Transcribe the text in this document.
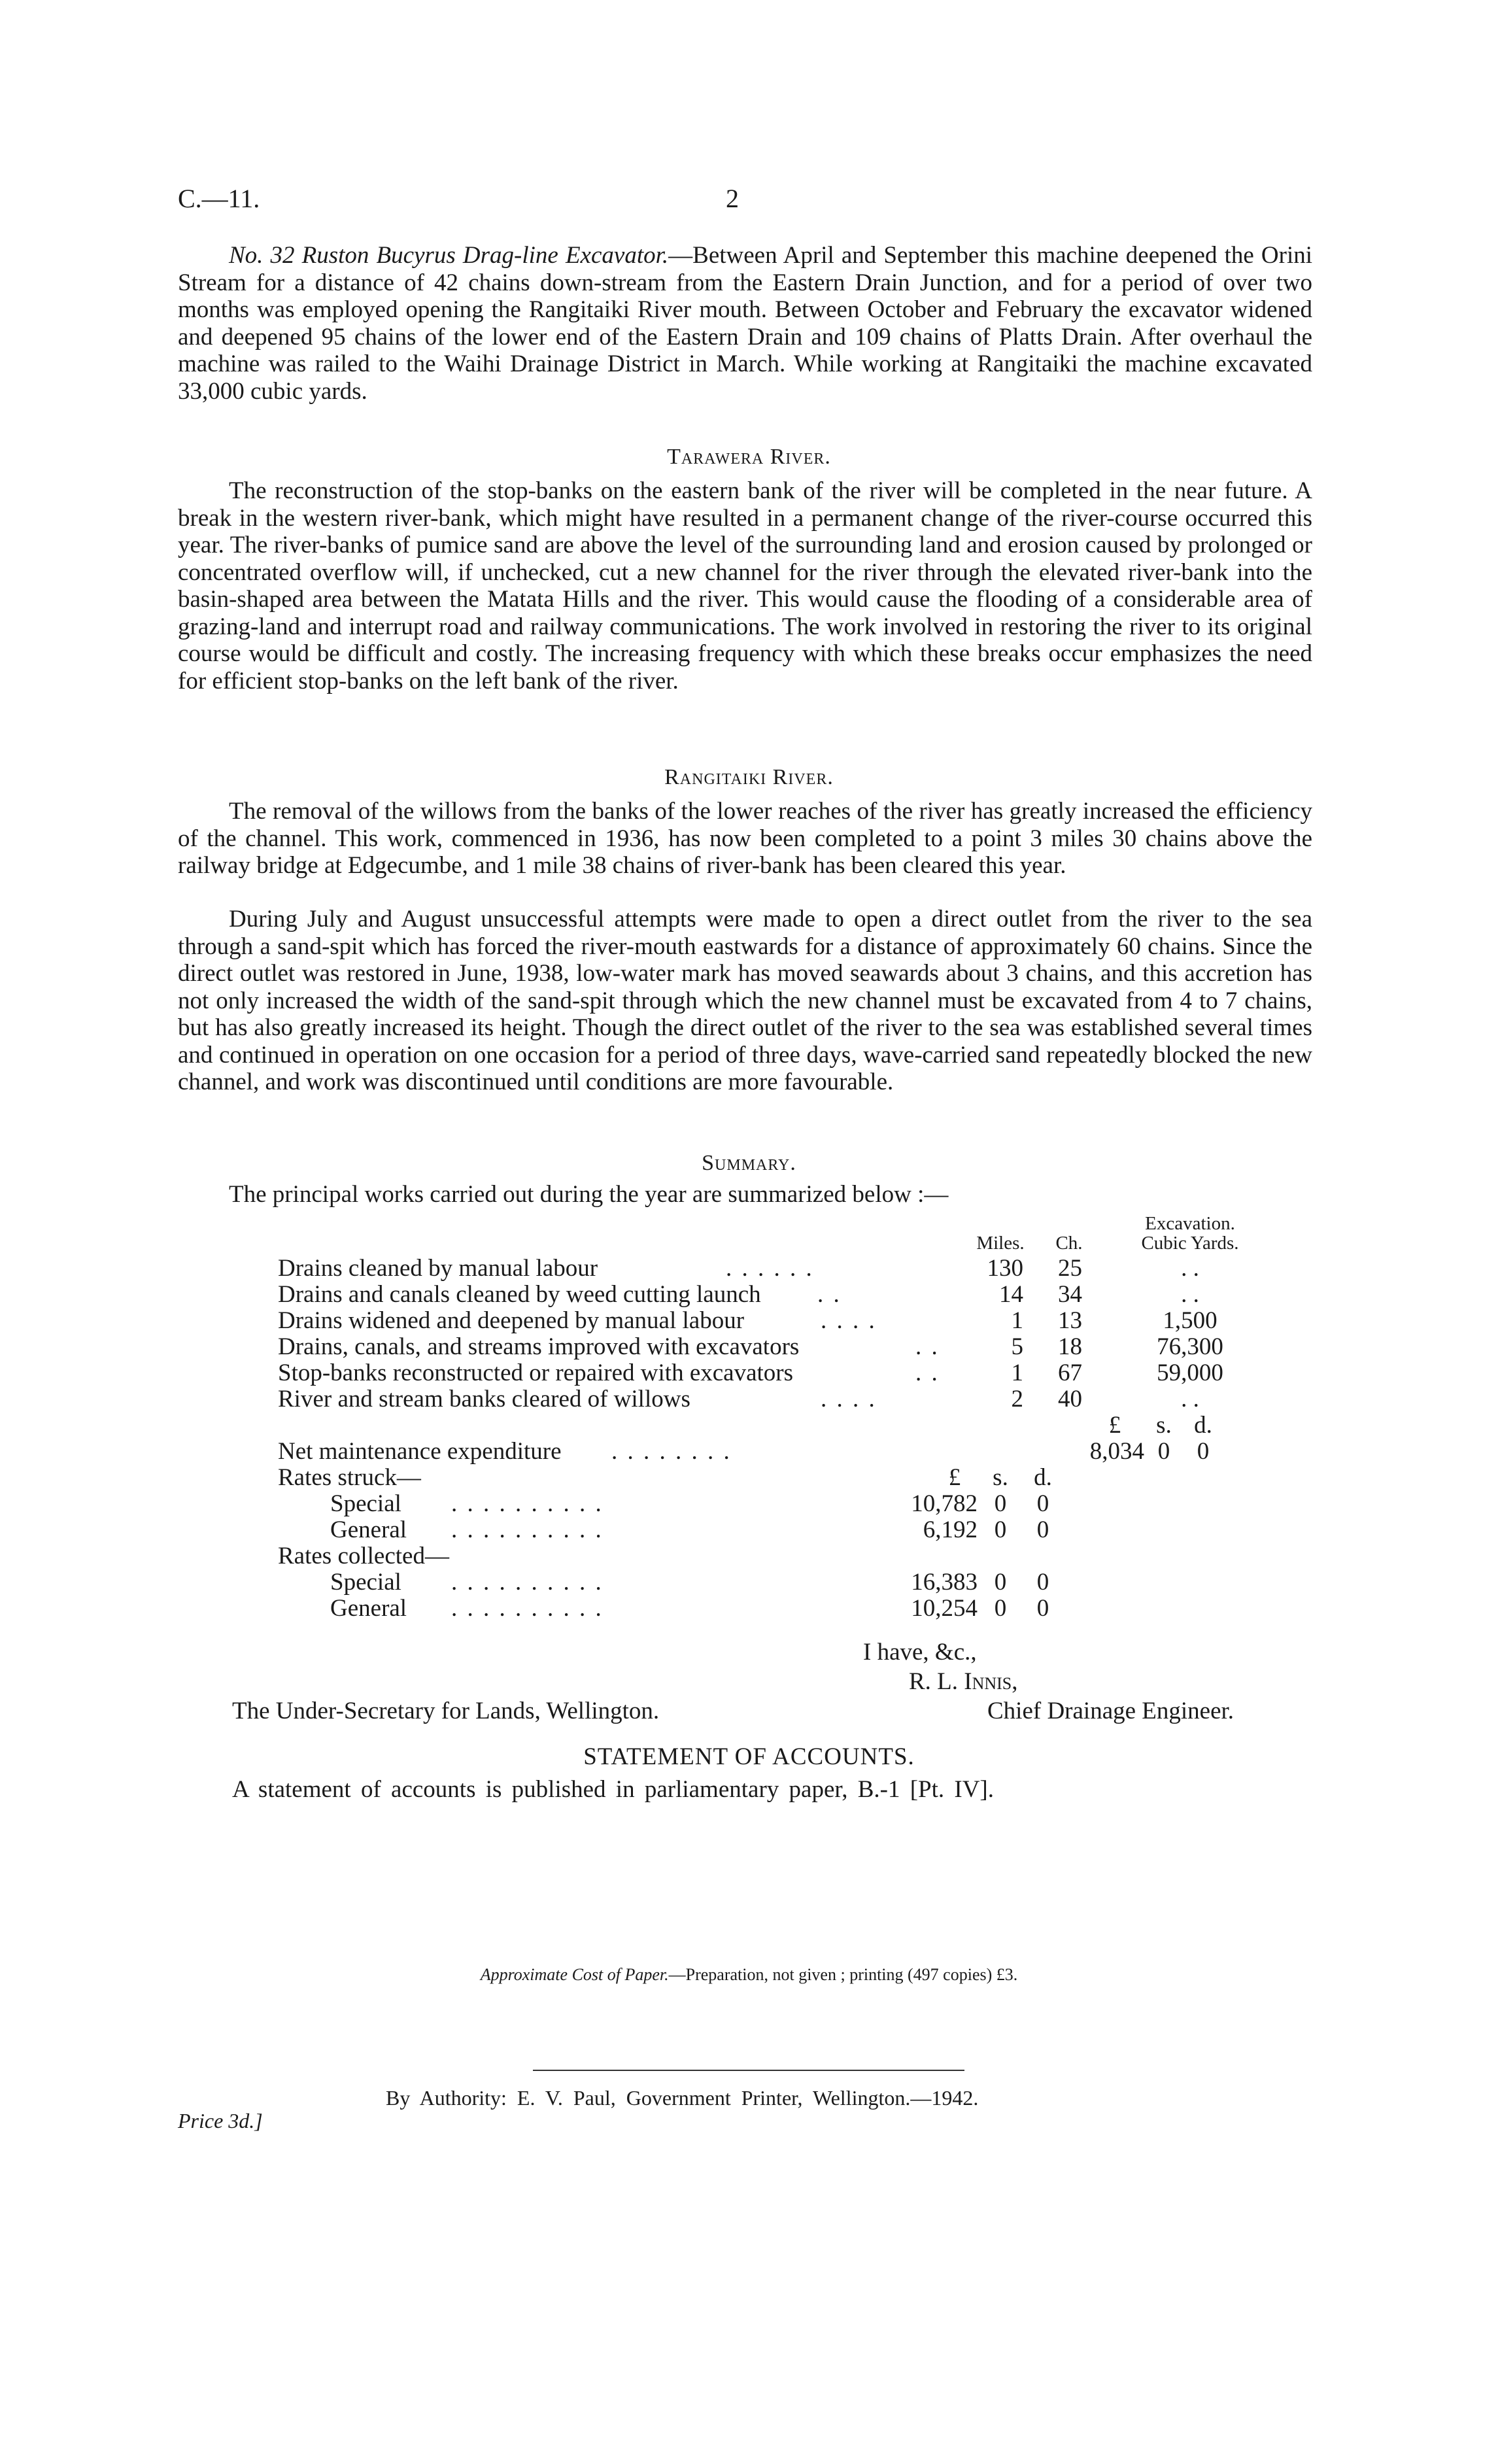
C.—11.	2
No. 32 Ruston Bucyrus Drag-line Excavator.—Between April and September this machine deepened the Orini Stream for a distance of 42 chains down-stream from the Eastern Drain Junction, and for a period of over two months was employed opening the Rangitaiki River mouth. Between October and February the excavator widened and deepened 95 chains of the lower end of the Eastern Drain and 109 chains of Platts Drain. After overhaul the machine was railed to the Waihi Drainage District in March. While working at Rangitaiki the machine excavated 33,000 cubic yards.
Tarawera River.
The reconstruction of the stop-banks on the eastern bank of the river will be completed in the near future. A break in the western river-bank, which might have resulted in a permanent change of the river-course occurred this year. The river-banks of pumice sand are above the level of the surrounding land and erosion caused by prolonged or concentrated overflow will, if unchecked, cut a new channel for the river through the elevated river-bank into the basin-shaped area between the Matata Hills and the river. This would cause the flooding of a considerable area of grazing-land and interrupt road and railway communications. The work involved in restoring the river to its original course would be difficult and costly. The increasing frequency with which these breaks occur emphasizes the need for efficient stop-banks on the left bank of the river.
Rangitaiki River.
The removal of the willows from the banks of the lower reaches of the river has greatly increased the efficiency of the channel. This work, commenced in 1936, has now been completed to a point 3 miles 30 chains above the railway bridge at Edgecumbe, and 1 mile 38 chains of river-bank has been cleared this year.
During July and August unsuccessful attempts were made to open a direct outlet from the river to the sea through a sand-spit which has forced the river-mouth eastwards for a distance of approximately 60 chains. Since the direct outlet was restored in June, 1938, low-water mark has moved seawards about 3 chains, and this accretion has not only increased the width of the sand-spit through which the new channel must be excavated from 4 to 7 chains, but has also greatly increased its height. Though the direct outlet of the river to the sea was established several times and continued in operation on one occasion for a period of three days, wave-carried sand repeatedly blocked the new channel, and work was discontinued until conditions are more favourable.
Summary.
The principal works carried out during the year are summarized below :—
Excavation.
Miles.	Ch.	Cubic Yards.
Drains cleaned by manual labour	. . . . . .	130	25	. .
Drains and canals cleaned by weed cutting launch . .	14	34	. .
Drains widened and deepened by manual labour	. . . .	1	13	1,500
Drains, canals, and streams improved with excavators	. .	5	18	76,300
Stop-banks reconstructed or repaired with excavators	. .	1	67	59,000
River and stream banks cleared of willows	. . . .	2	40	. .
£	s. d.
Net maintenance expenditure . . . . . . . .	8,034 0 0
Rates struck—	£	s.	d.
Special . . . . . . . . . .	10,782 0 0
General . . . . . . . . . .	6,192 0 0
Rates collected—
Special . . . . . . . . . .	16,383 0 0
General . . . . . . . . . .	10,254 0 0
I have, &c.,
R. L. Innis,
The Under-Secretary for Lands, Wellington.	Chief Drainage Engineer.
STATEMENT OF ACCOUNTS.
A statement of accounts is published in parliamentary paper, B.-1 [Pt. IV].
Approximate Cost of Paper.—Preparation, not given ; printing (497 copies) £3.
By Authority: E. V. Paul, Government Printer, Wellington.—1942.
Price 3d.]
